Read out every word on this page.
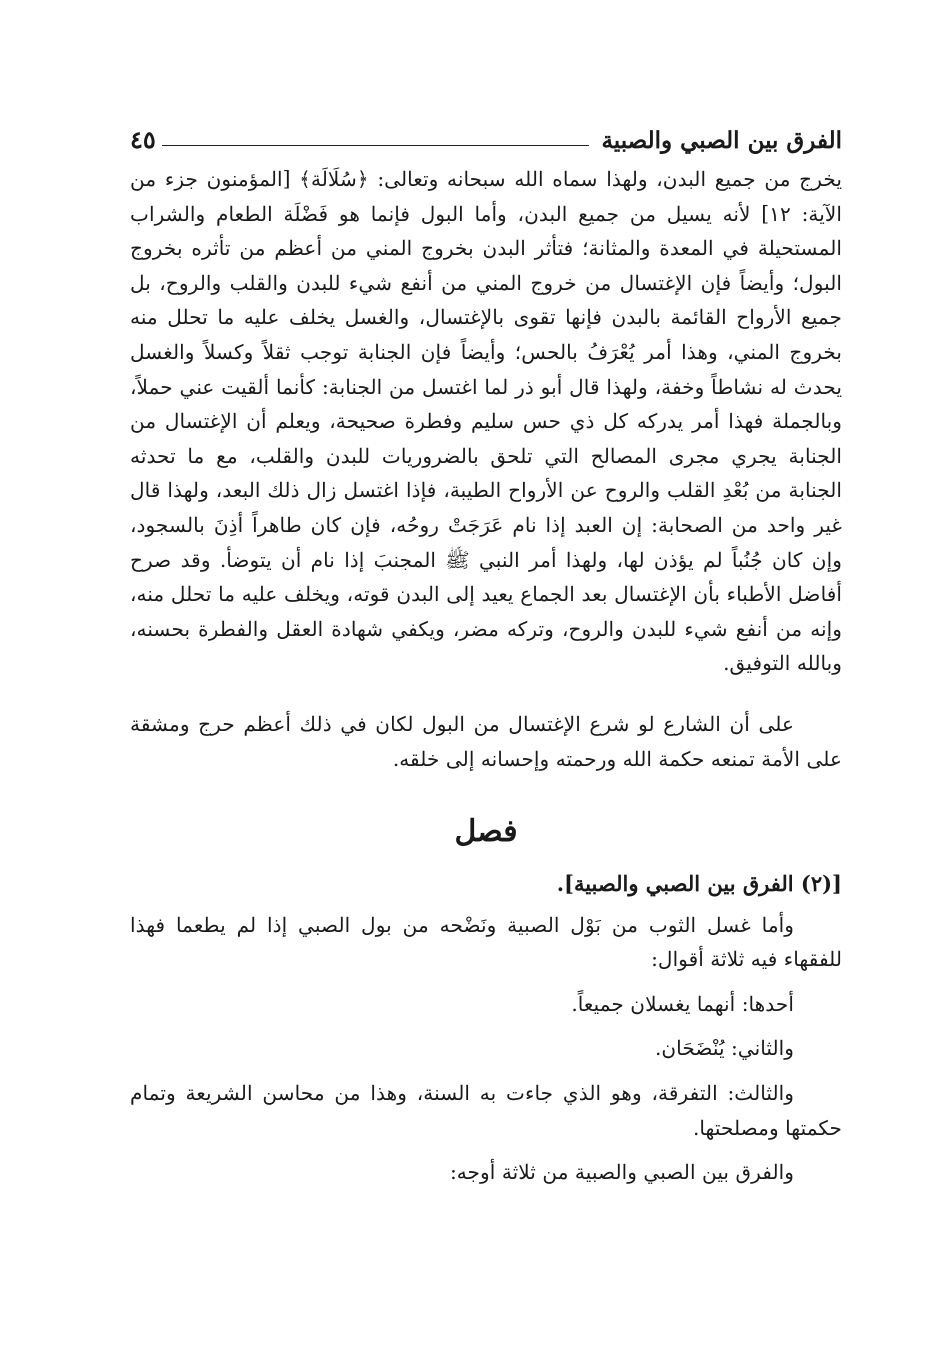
الفرق بين الصبي والصبية
٤٥

يخرج من جميع البدن، ولهذا سماه الله سبحانه وتعالى: ﴿سُلَالَة﴾ [المؤمنون جزء من الآية: ١٢] لأنه يسيل من جميع البدن، وأما البول فإنما هو فَضْلَة الطعام والشراب المستحيلة في المعدة والمثانة؛ فتأثر البدن بخروج المني من أعظم من تأثره بخروج البول؛ وأيضاً فإن الإغتسال من خروج المني من أنفع شيء للبدن والقلب والروح، بل جميع الأرواح القائمة بالبدن فإنها تقوى بالإغتسال، والغسل يخلف عليه ما تحلل منه بخروج المني، وهذا أمر يُعْرَفُ بالحس؛ وأيضاً فإن الجنابة توجب ثقلاً وكسلاً والغسل يحدث له نشاطاً وخفة، ولهذا قال أبو ذر لما اغتسل من الجنابة: كأنما ألقيت عني حملاً، وبالجملة فهذا أمر يدركه كل ذي حس سليم وفطرة صحيحة، ويعلم أن الإغتسال من الجنابة يجري مجرى المصالح التي تلحق بالضروريات للبدن والقلب، مع ما تحدثه الجنابة من بُعْدِ القلب والروح عن الأرواح الطيبة، فإذا اغتسل زال ذلك البعد، ولهذا قال غير واحد من الصحابة: إن العبد إذا نام عَرَجَتْ روحُه، فإن كان طاهراً أذِنَ بالسجود، وإن كان جُنُباً لم يؤذن لها، ولهذا أمر النبي ﷺ المجنبَ إذا نام أن يتوضأ. وقد صرح أفاضل الأطباء بأن الإغتسال بعد الجماع يعيد إلى البدن قوته، ويخلف عليه ما تحلل منه، وإنه من أنفع شيء للبدن والروح، وتركه مضر، ويكفي شهادة العقل والفطرة بحسنه، وبالله التوفيق.

على أن الشارع لو شرع الإغتسال من البول لكان في ذلك أعظم حرج ومشقة على الأمة تمنعه حكمة الله ورحمته وإحسانه إلى خلقه.

فصل

[(٢) الفرق بين الصبي والصبية].

وأما غسل الثوب من بَوْل الصبية ونَضْحه من بول الصبي إذا لم يطعما فهذا للفقهاء فيه ثلاثة أقوال:

أحدها: أنهما يغسلان جميعاً.

والثاني: يُنْضَحَان.

والثالث: التفرقة، وهو الذي جاءت به السنة، وهذا من محاسن الشريعة وتمام حكمتها ومصلحتها.

والفرق بين الصبي والصبية من ثلاثة أوجه:
